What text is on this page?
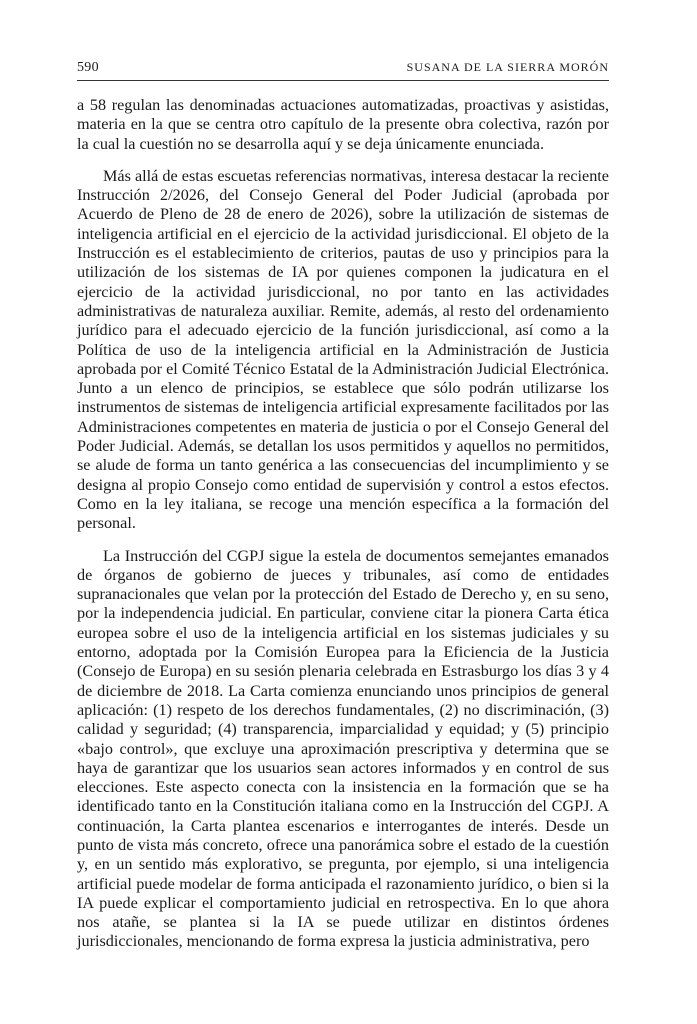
590	SUSANA DE LA SIERRA MORÓN

a 58 regulan las denominadas actuaciones automatizadas, proactivas y asistidas, materia en la que se centra otro capítulo de la presente obra colectiva, razón por la cual la cuestión no se desarrolla aquí y se deja únicamente enunciada.

Más allá de estas escuetas referencias normativas, interesa destacar la reciente Instrucción 2/2026, del Consejo General del Poder Judicial (aprobada por Acuerdo de Pleno de 28 de enero de 2026), sobre la utilización de sistemas de inteligencia artificial en el ejercicio de la actividad jurisdiccional. El objeto de la Instrucción es el establecimiento de criterios, pautas de uso y principios para la utilización de los sistemas de IA por quienes componen la judicatura en el ejercicio de la actividad jurisdiccional, no por tanto en las actividades administrativas de naturaleza auxiliar. Remite, además, al resto del ordenamiento jurídico para el adecuado ejercicio de la función jurisdiccional, así como a la Política de uso de la inteligencia artificial en la Administración de Justicia aprobada por el Comité Técnico Estatal de la Administración Judicial Electrónica. Junto a un elenco de principios, se establece que sólo podrán utilizarse los instrumentos de sistemas de inteligencia artificial expresamente facilitados por las Administraciones competentes en materia de justicia o por el Consejo General del Poder Judicial. Además, se detallan los usos permitidos y aquellos no permitidos, se alude de forma un tanto genérica a las consecuencias del incumplimiento y se designa al propio Consejo como entidad de supervisión y control a estos efectos. Como en la ley italiana, se recoge una mención específica a la formación del personal.

La Instrucción del CGPJ sigue la estela de documentos semejantes emanados de órganos de gobierno de jueces y tribunales, así como de entidades supranacionales que velan por la protección del Estado de Derecho y, en su seno, por la independencia judicial. En particular, conviene citar la pionera Carta ética europea sobre el uso de la inteligencia artificial en los sistemas judiciales y su entorno, adoptada por la Comisión Europea para la Eficiencia de la Justicia (Consejo de Europa) en su sesión plenaria celebrada en Estrasburgo los días 3 y 4 de diciembre de 2018. La Carta comienza enunciando unos principios de general aplicación: (1) respeto de los derechos fundamentales, (2) no discriminación, (3) calidad y seguridad; (4) transparencia, imparcialidad y equidad; y (5) principio «bajo control», que excluye una aproximación prescriptiva y determina que se haya de garantizar que los usuarios sean actores informados y en control de sus elecciones. Este aspecto conecta con la insistencia en la formación que se ha identificado tanto en la Constitución italiana como en la Instrucción del CGPJ. A continuación, la Carta plantea escenarios e interrogantes de interés. Desde un punto de vista más concreto, ofrece una panorámica sobre el estado de la cuestión y, en un sentido más explorativo, se pregunta, por ejemplo, si una inteligencia artificial puede modelar de forma anticipada el razonamiento jurídico, o bien si la IA puede explicar el comportamiento judicial en retrospectiva. En lo que ahora nos atañe, se plantea si la IA se puede utilizar en distintos órdenes jurisdiccionales, mencionando de forma expresa la justicia administrativa, pero
